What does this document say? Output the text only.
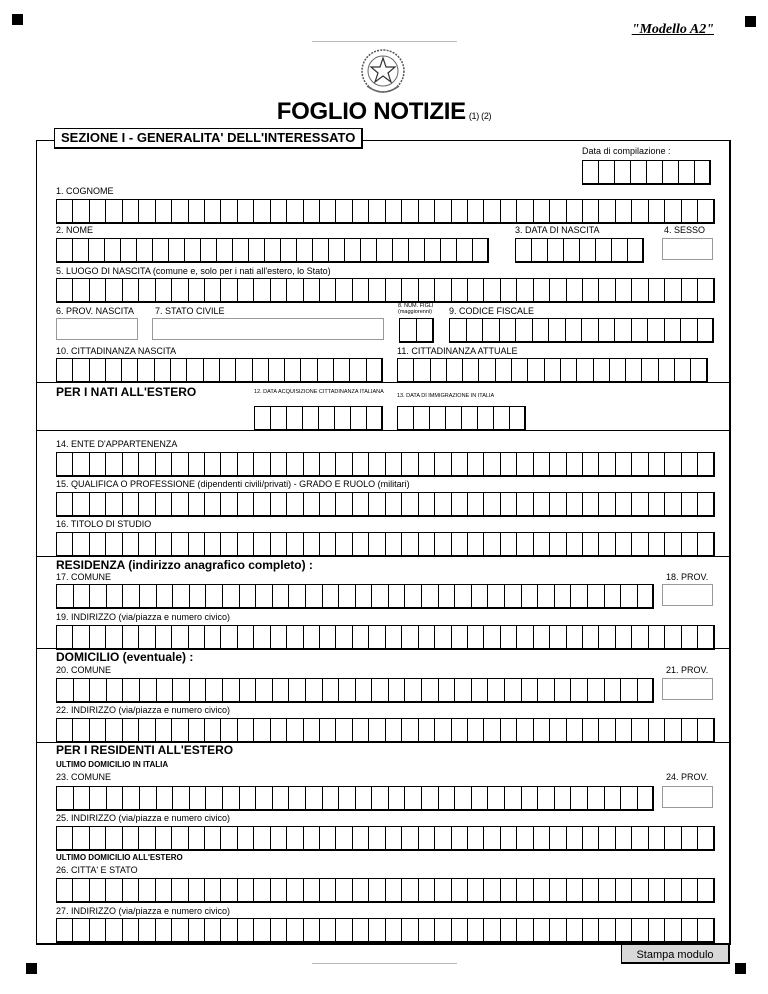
"Modello A2"
FOGLIO NOTIZIE (1) (2)
SEZIONE I - GENERALITA' DELL'INTERESSATO
Data di compilazione :
1. COGNOME
2. NOME	3. DATA DI NASCITA	4. SESSO
5. LUOGO DI NASCITA (comune e, solo per i nati all'estero, lo Stato)
6. PROV. NASCITA 7. STATO CIVILE	8. NUM. FIGLI (maggiorenni)	9. CODICE FISCALE
10. CITTADINANZA NASCITA	11. CITTADINANZA ATTUALE
PER I NATI ALL'ESTERO	12. DATA ACQUISIZIONE CITTADINANZA ITALIANA
13. DATA DI IMMIGRAZIONE IN ITALIA
14. ENTE D'APPARTENENZA
15. QUALIFICA O PROFESSIONE (dipendenti civili/privati) - GRADO E RUOLO (militari)
16. TITOLO DI STUDIO
RESIDENZA (indirizzo anagrafico completo) :
17. COMUNE	18. PROV.
19. INDIRIZZO (via/piazza e numero civico)
DOMICILIO (eventuale) :
20. COMUNE	21. PROV.
22. INDIRIZZO (via/piazza e numero civico)
PER I RESIDENTI ALL'ESTERO
ULTIMO DOMICILIO IN ITALIA
23. COMUNE	24. PROV.
25. INDIRIZZO (via/piazza e numero civico)
ULTIMO DOMICILIO ALL'ESTERO
26. CITTA' E STATO
27. INDIRIZZO (via/piazza e numero civico)
Stampa modulo
